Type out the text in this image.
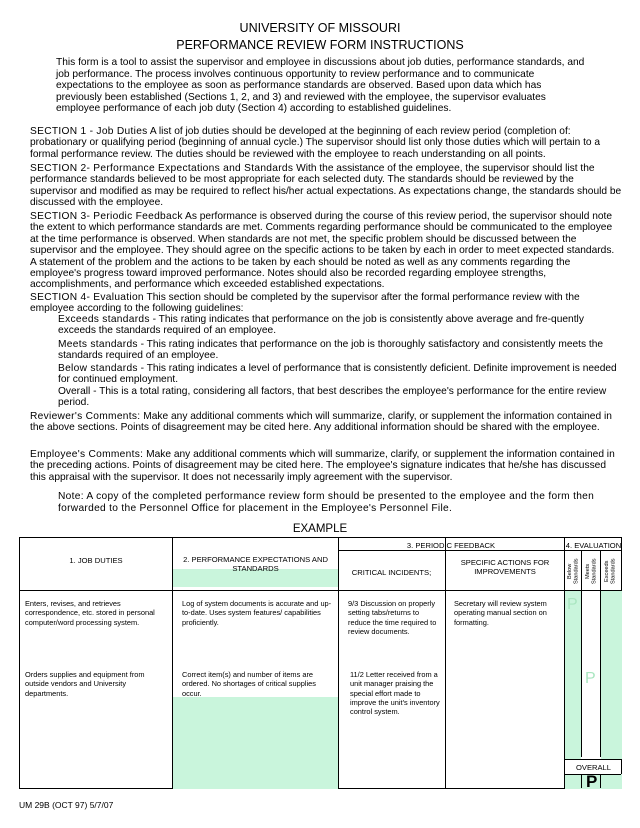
UNIVERSITY OF MISSOURI
PERFORMANCE REVIEW FORM INSTRUCTIONS
This form is a tool to assist the supervisor and employee in discussions about job duties, performance standards, and job performance. The process involves continuous opportunity to review performance and to communicate expectations to the employee as soon as performance standards are observed. Based upon data which has previously been established (Sections 1, 2, and 3) and reviewed with the employee, the supervisor evaluates employee performance of each job duty (Section 4) according to established guidelines.
SECTION 1 - Job Duties A list of job duties should be developed at the beginning of each review period (completion of: probationary or qualifying period (beginning of annual cycle.) The supervisor should list only those duties which will pertain to a formal performance review. The duties should be reviewed with the employee to reach understanding on all points.
SECTION 2- Performance Expectations and Standards With the assistance of the employee, the supervisor should list the performance standards believed to be most appropriate for each selected duty. The standards should be reviewed by the supervisor and modified as may be required to reflect his/her actual expectations. As expectations change, the standards should be discussed with the employee.
SECTION 3- Periodic Feedback As performance is observed during the course of this review period, the supervisor should note the extent to which performance standards are met. Comments regarding performance should be communicated to the employee at the time performance is observed. When standards are not met, the specific problem should be discussed between the supervisor and the employee. They should agree on the specific actions to be taken by each in order to meet expected standards. A statement of the problem and the actions to be taken by each should be noted as well as any comments regarding the employee's progress toward improved performance. Notes should also be recorded regarding employee strengths, accomplishments, and performance which exceeded established expectations.
SECTION 4- Evaluation This section should be completed by the supervisor after the formal performance review with the employee according to the following guidelines:
Exceeds standards - This rating indicates that performance on the job is consistently above average and fre-quently exceeds the standards required of an employee.
Meets standards - This rating indicates that performance on the job is thoroughly satisfactory and consistently meets the standards required of an employee.
Below standards - This rating indicates a level of performance that is consistently deficient. Definite improvement is needed for continued employment.
Overall - This is a total rating, considering all factors, that best describes the employee's performance for the entire review period.
Reviewer's Comments: Make any additional comments which will summarize, clarify, or supplement the information contained in the above sections. Points of disagreement may be cited here. Any additional information should be shared with the employee.
Employee's Comments: Make any additional comments which will summarize, clarify, or supplement the information contained in the preceding actions. Points of disagreement may be cited here. The employee's signature indicates that he/she has discussed this appraisal with the supervisor. It does not necessarily imply agreement with the supervisor.
Note: A copy of the completed performance review form should be presented to the employee and the form then forwarded to the Personnel Office for placement in the Employee's Personnel File.
EXAMPLE
1. JOB DUTIES	2. PERFORMANCE EXPECTATIONS AND STANDARDS
3. PERIODIC FEEDBACK
CRITICAL INCIDENTS;
SPECIFIC ACTIONS FOR IMPROVEMENTS
4. EVALUATION
Below Standards Meets Standards Exceeds Standards
Enters, revises, and retrieves correspondence, etc. stored in personal computer/word processing system.
Log of system documents is accurate and up-to-date. Uses system features/ capabilities proficiently.
9/3 Discussion on properly setting tabs/returns to reduce the time required to review documents.
Secretary will review system operating manual section on formatting.
P
Orders supplies and equipment from outside vendors and University departments.
Correct item(s) and number of items are ordered. No shortages of critical supplies occur.
11/2 Letter received from a unit manager praising the special effort made to improve the unit's inventory control system.
P
OVERALL
P
UM 29B (OCT 97) 5/7/07
